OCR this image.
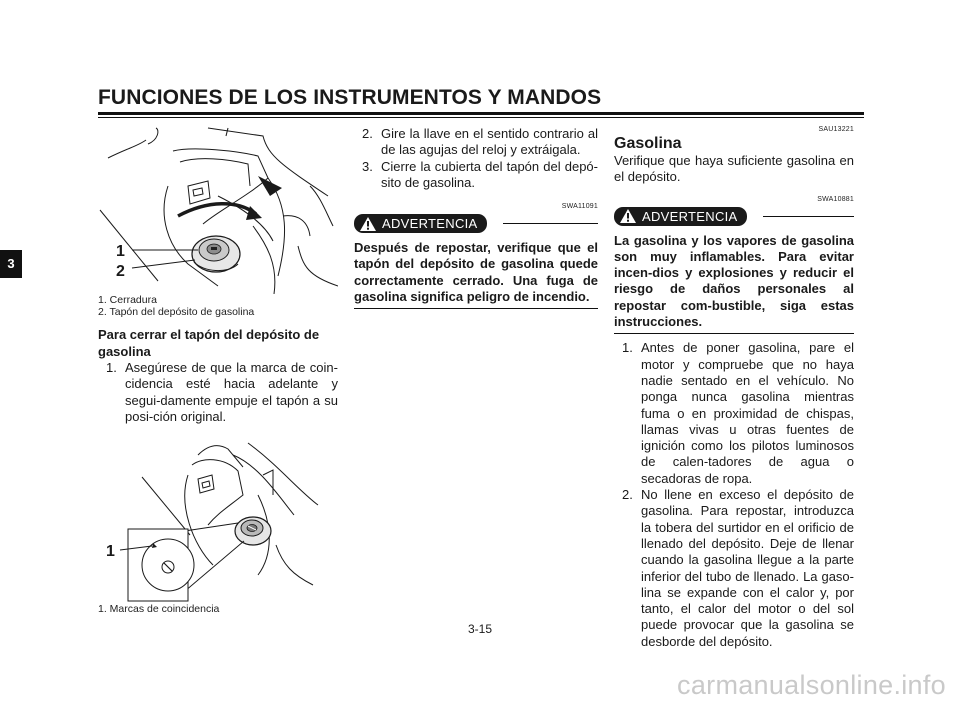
FUNCIONES DE LOS INSTRUMENTOS Y MANDOS
3
1
2
1. Cerradura
2. Tapón del depósito de gasolina
Para cerrar el tapón del depósito de gasolina
1. Asegúrese de que la marca de coin-cidencia esté hacia adelante y segui-damente empuje el tapón a su posi-ción original.
1
1. Marcas de coincidencia
2. Gire la llave en el sentido contrario al de las agujas del reloj y extráigala.
3. Cierre la cubierta del tapón del depó-sito de gasolina.
SWA11091
ADVERTENCIA
Después de repostar, verifique que el tapón del depósito de gasolina quede correctamente cerrado. Una fuga de gasolina significa peligro de incendio.
SAU13221
Gasolina
Verifique que haya suficiente gasolina en el depósito.
SWA10881
ADVERTENCIA
La gasolina y los vapores de gasolina son muy inflamables. Para evitar incen-dios y explosiones y reducir el riesgo de daños personales al repostar com-bustible, siga estas instrucciones.
1. Antes de poner gasolina, pare el motor y compruebe que no haya nadie sentado en el vehículo. No ponga nunca gasolina mientras fuma o en proximidad de chispas, llamas vivas u otras fuentes de ignición como los pilotos luminosos de calen-tadores de agua o secadoras de ropa.
2. No llene en exceso el depósito de gasolina. Para repostar, introduzca la tobera del surtidor en el orificio de llenado del depósito. Deje de llenar cuando la gasolina llegue a la parte inferior del tubo de llenado. La gaso-lina se expande con el calor y, por tanto, el calor del motor o del sol puede provocar que la gasolina se desborde del depósito.
3-15
carmanualsonline.info
